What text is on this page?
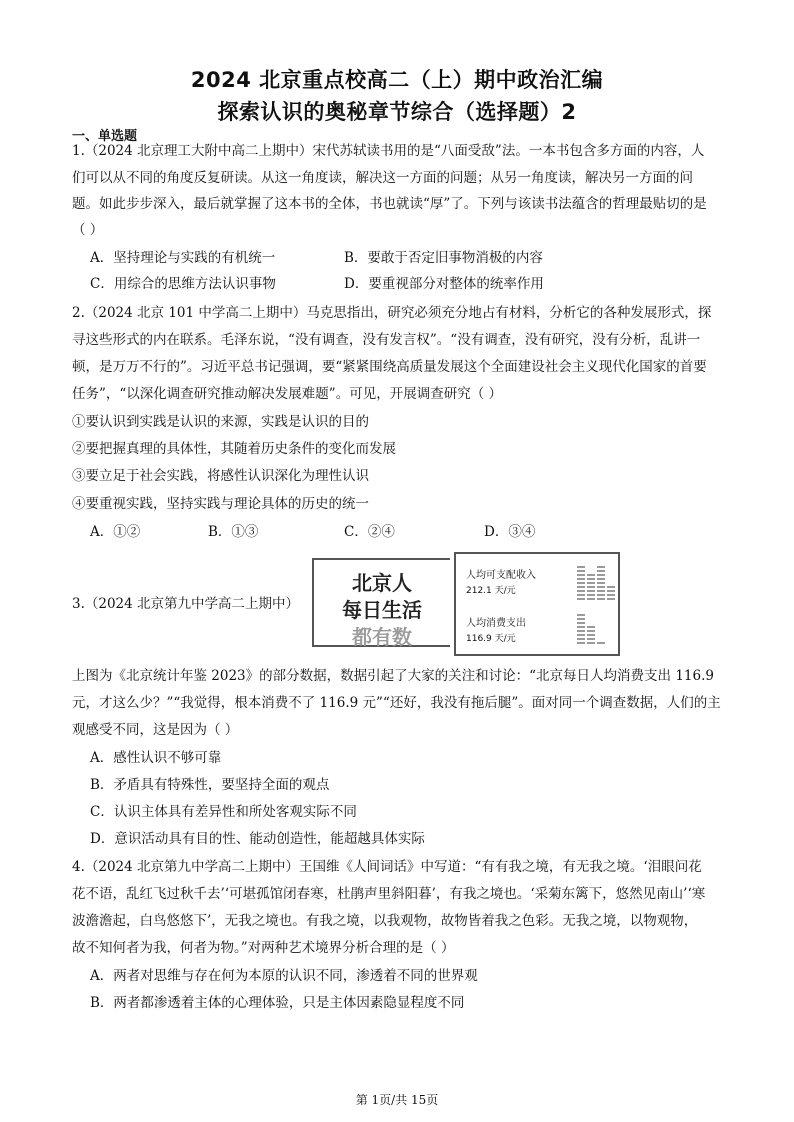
2024 北京重点校高二（上）期中政治汇编
探索认识的奥秘章节综合（选择题）2
一、单选题
1.（2024 北京理工大附中高二上期中）宋代苏轼读书用的是“八面受敌”法。一本书包含多方面的内容，人
们可以从不同的角度反复研读。从这一角度读，解决这一方面的问题；从另一角度读，解决另一方面的问
题。如此步步深入，最后就掌握了这本书的全体，书也就读“厚”了。下列与该读书法蕴含的哲理最贴切的是
（ ）
A．坚持理论与实践的有机统一	B．要敢于否定旧事物消极的内容
C．用综合的思维方法认识事物	D．要重视部分对整体的统率作用
2.（2024 北京 101 中学高二上期中）马克思指出，研究必须充分地占有材料，分析它的各种发展形式，探
寻这些形式的内在联系。毛泽东说，“没有调查，没有发言权”。“没有调查，没有研究，没有分析，乱讲一
顿，是万万不行的”。习近平总书记强调，要“紧紧围绕高质量发展这个全面建设社会主义现代化国家的首要
任务”，“以深化调查研究推动解决发展难题”。可见，开展调查研究（ ）
①要认识到实践是认识的来源，实践是认识的目的
②要把握真理的具体性，其随着历史条件的变化而发展
③要立足于社会实践，将感性认识深化为理性认识
④要重视实践，坚持实践与理论具体的历史的统一
A．①②	B．①③	C．②④	D．③④
3.（2024 北京第九中学高二上期中）
北京人
每日生活
都有数
人均可支配收入
212.1 天/元
人均消费支出
116.9 天/元
上图为《北京统计年鉴 2023》的部分数据，数据引起了大家的关注和讨论：“北京每日人均消费支出 116.9
元，才这么少？”“我觉得，根本消费不了 116.9 元”“还好，我没有拖后腿”。面对同一个调查数据，人们的主
观感受不同，这是因为（ ）
A．感性认识不够可靠
B．矛盾具有特殊性，要坚持全面的观点
C．认识主体具有差异性和所处客观实际不同
D．意识活动具有目的性、能动创造性，能超越具体实际
4.（2024 北京第九中学高二上期中）王国维《人间词话》中写道：“有有我之境，有无我之境。‘泪眼问花
花不语，乱红飞过秋千去’‘可堪孤馆闭春寒，杜鹃声里斜阳暮’，有我之境也。‘采菊东篱下，悠然见南山’‘寒
波澹澹起，白鸟悠悠下’，无我之境也。有我之境，以我观物，故物皆着我之色彩。无我之境，以物观物，
故不知何者为我，何者为物。”对两种艺术境界分析合理的是（ ）
A．两者对思维与存在何为本原的认识不同，渗透着不同的世界观
B．两者都渗透着主体的心理体验，只是主体因素隐显程度不同
第 1页/共 15页
